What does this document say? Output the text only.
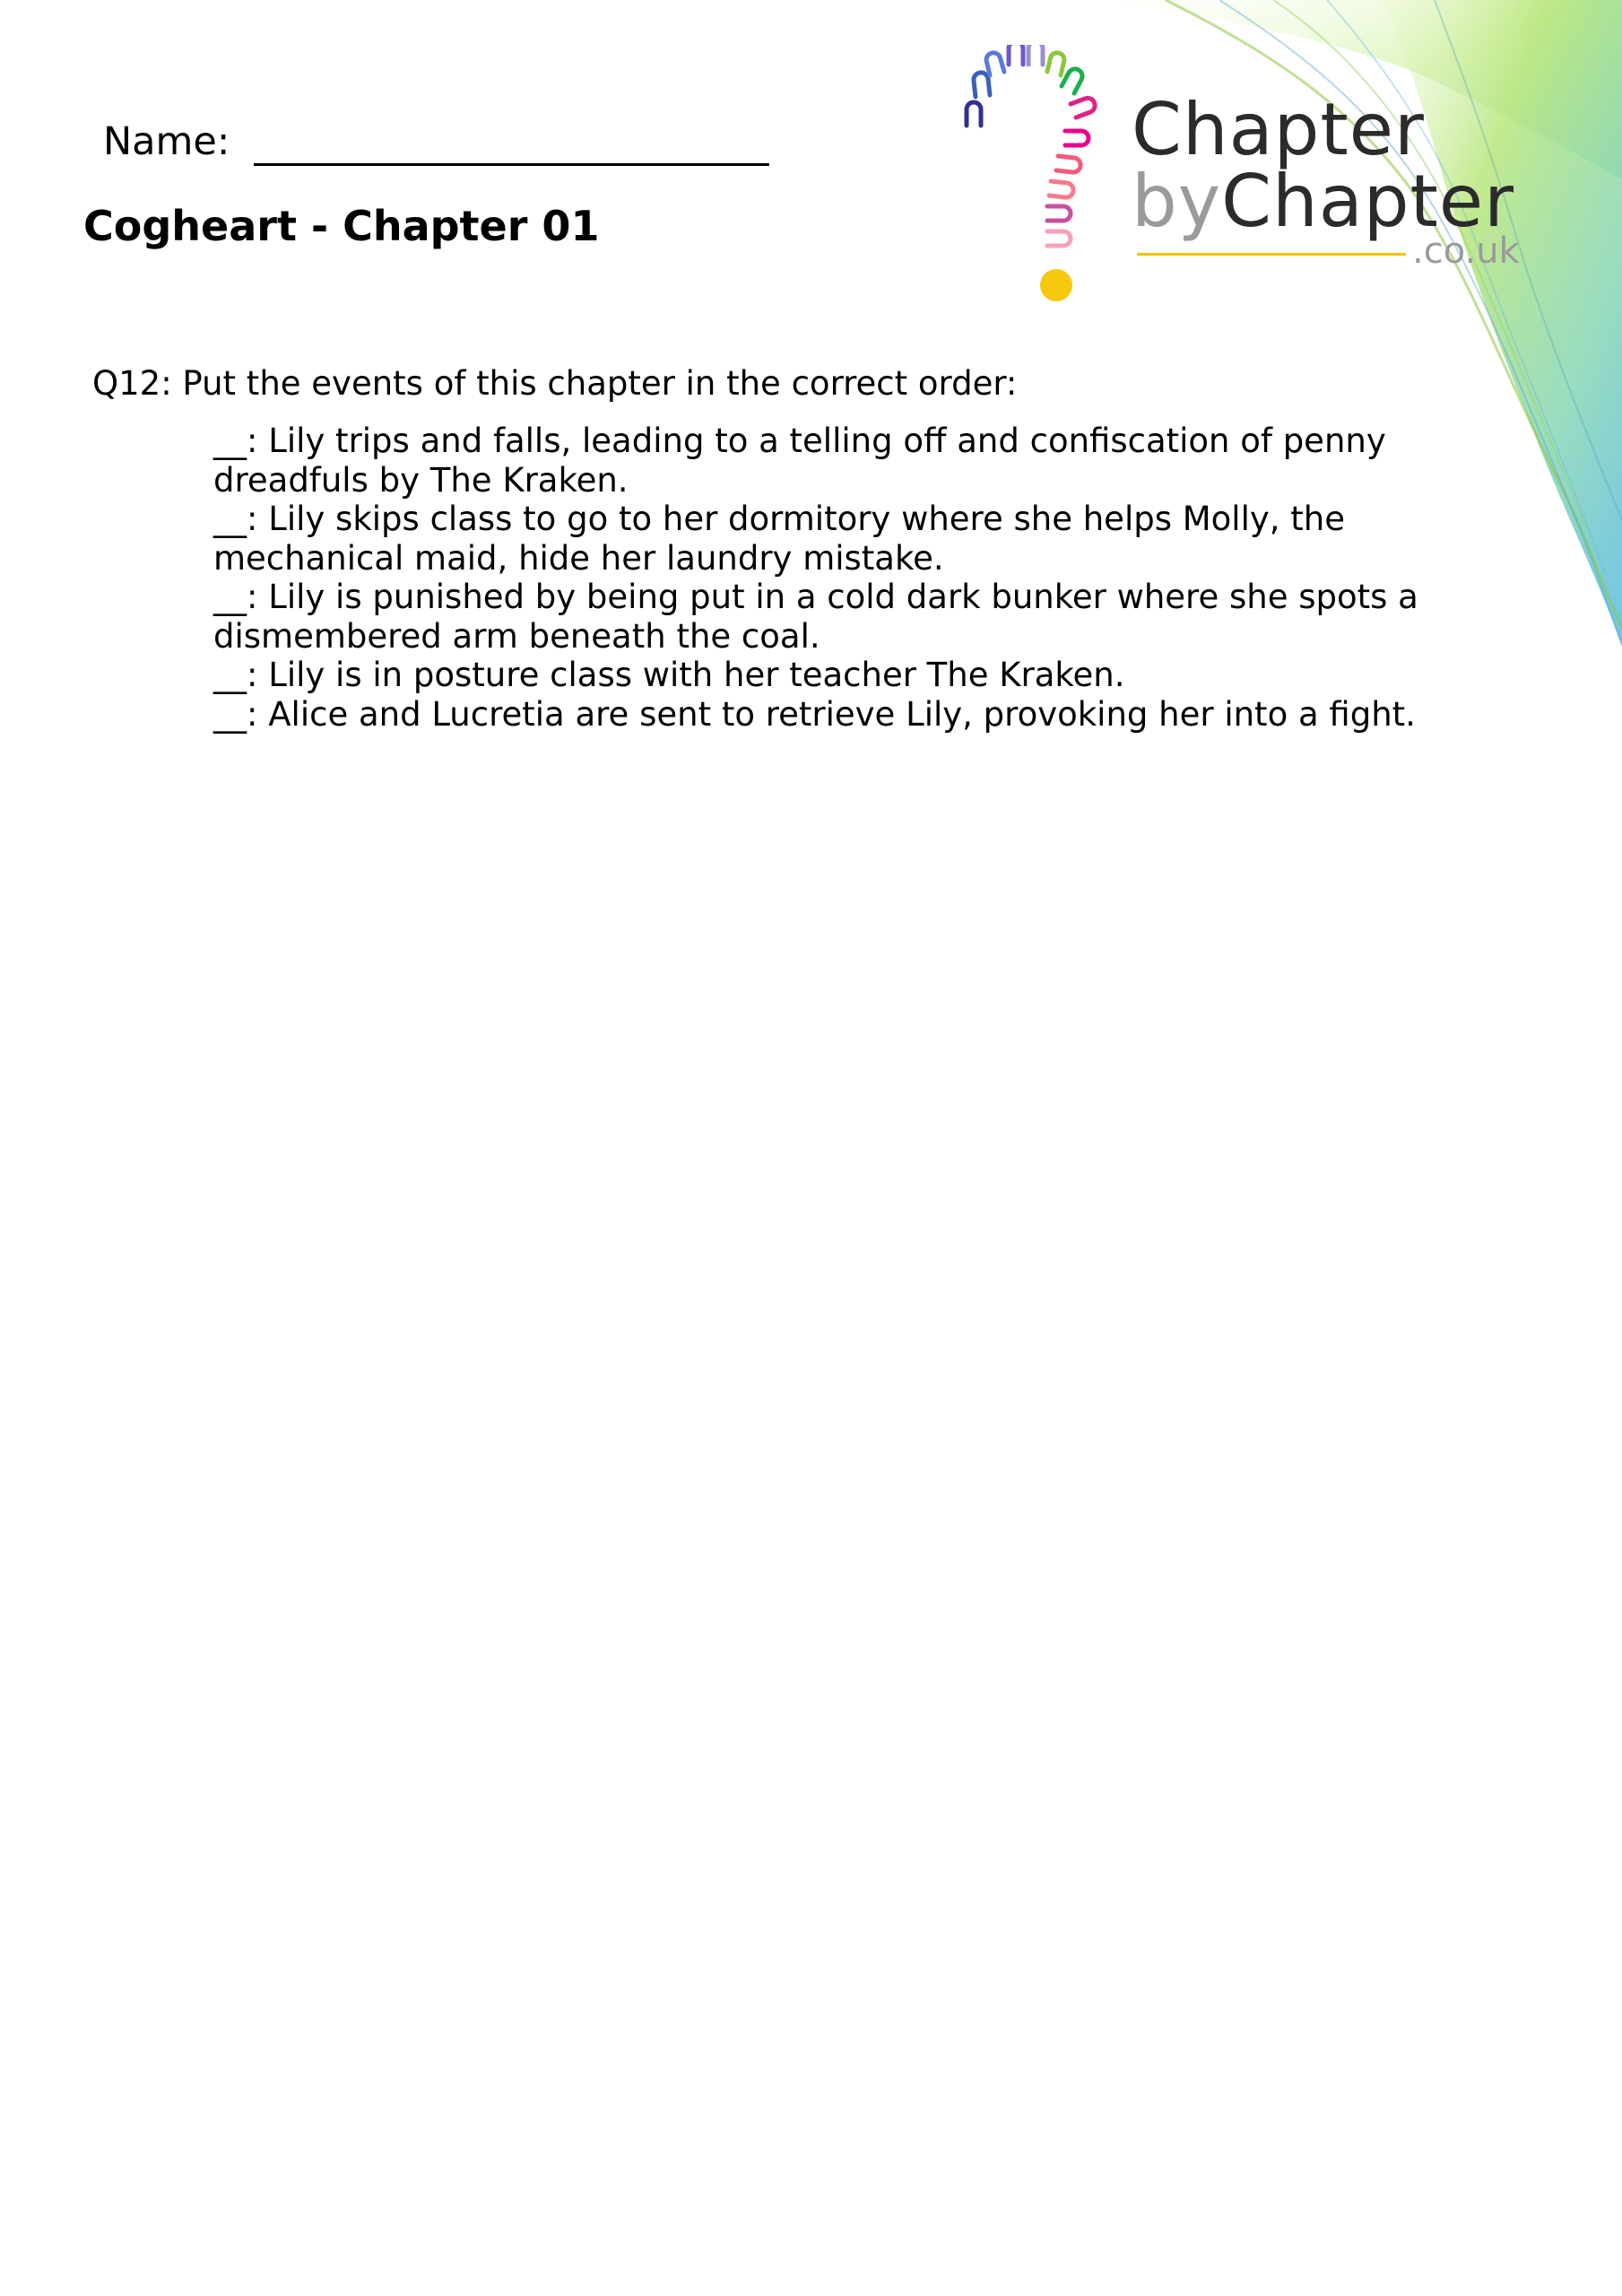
Name:
Cogheart - Chapter 01
Chapter
byChapter
.co.uk
Q12: Put the events of this chapter in the correct order:
__: Lily trips and falls, leading to a telling off and confiscation of penny dreadfuls by The Kraken.
__: Lily skips class to go to her dormitory where she helps Molly, the mechanical maid, hide her laundry mistake.
__: Lily is punished by being put in a cold dark bunker where she spots a dismembered arm beneath the coal.
__: Lily is in posture class with her teacher The Kraken.
__: Alice and Lucretia are sent to retrieve Lily, provoking her into a fight.
